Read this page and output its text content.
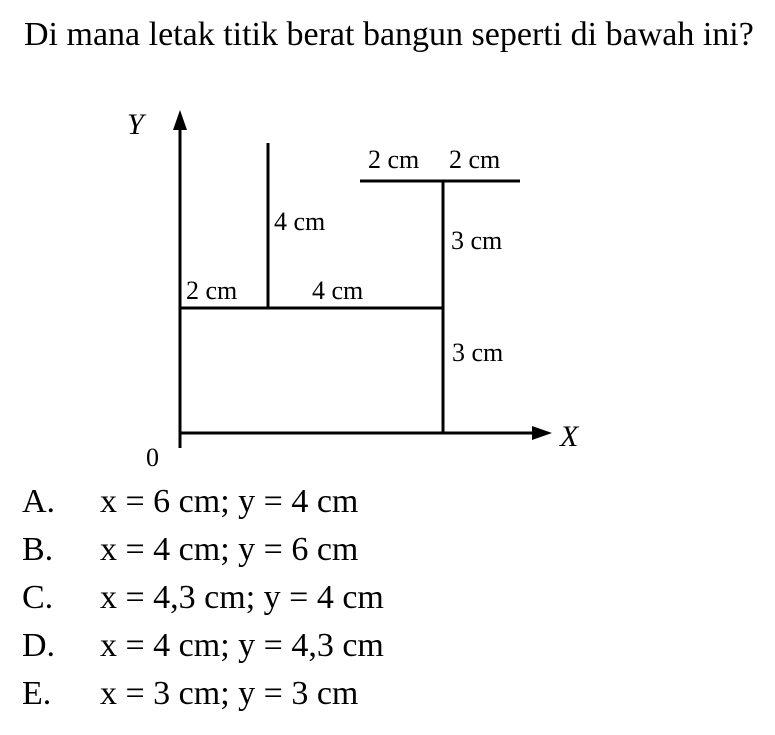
Di mana letak titik berat bangun seperti di bawah ini?

Y
X
0
2 cm	4 cm
4 cm
2 cm 2 cm
3 cm
3 cm
A. x = 6 cm; y = 4 cm
B. x = 4 cm; y = 6 cm
C. x = 4,3 cm; y = 4 cm
D. x = 4 cm; y = 4,3 cm
E. x = 3 cm; y = 3 cm
